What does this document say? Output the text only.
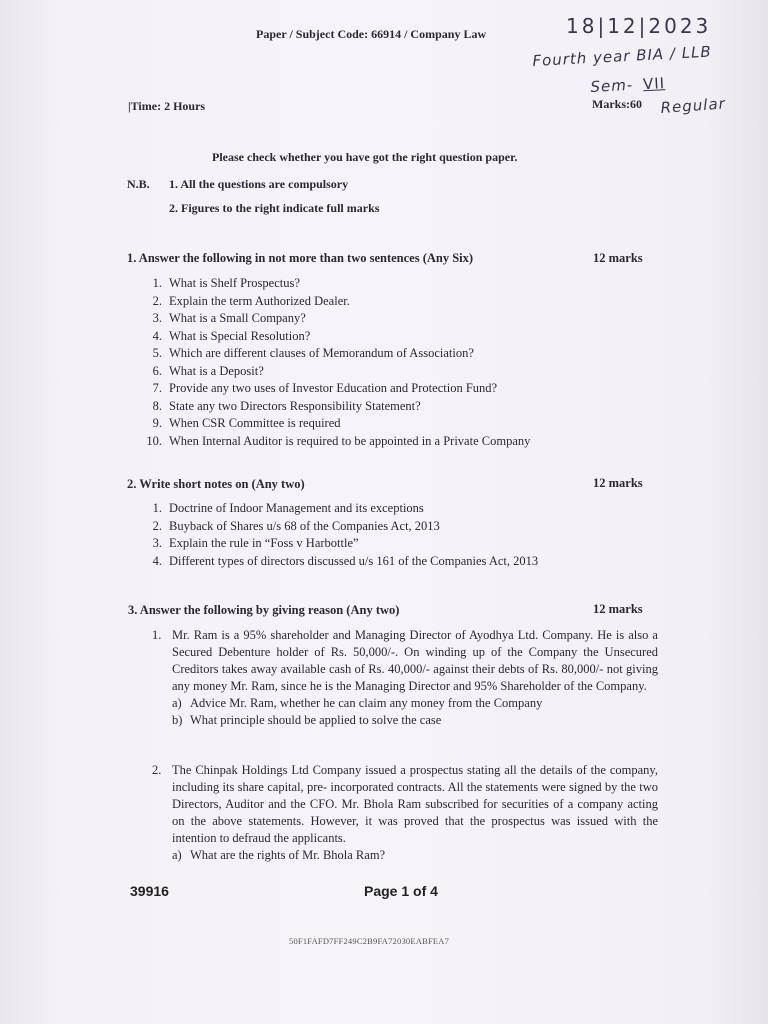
Paper / Subject Code: 66914 / Company Law	18|12|2023
Fourth year BIA / LLB
Sem- VII
|Time: 2 Hours	Marks:60 Regular
Please check whether you have got the right question paper.
N.B. 1. All the questions are compulsory
2. Figures to the right indicate full marks
1. Answer the following in not more than two sentences (Any Six)	12 marks
1. What is Shelf Prospectus?
2. Explain the term Authorized Dealer.
3. What is a Small Company?
4. What is Special Resolution?
5. Which are different clauses of Memorandum of Association?
6. What is a Deposit?
7. Provide any two uses of Investor Education and Protection Fund?
8. State any two Directors Responsibility Statement?
9. When CSR Committee is required
10. When Internal Auditor is required to be appointed in a Private Company
2. Write short notes on (Any two)	12 marks
1. Doctrine of Indoor Management and its exceptions
2. Buyback of Shares u/s 68 of the Companies Act, 2013
3. Explain the rule in “Foss v Harbottle”
4. Different types of directors discussed u/s 161 of the Companies Act, 2013
3. Answer the following by giving reason (Any two)	12 marks
1. Mr. Ram is a 95% shareholder and Managing Director of Ayodhya Ltd. Company. He is also a Secured Debenture holder of Rs. 50,000/-. On winding up of the Company the Unsecured Creditors takes away available cash of Rs. 40,000/- against their debts of Rs. 80,000/- not giving any money Mr. Ram, since he is the Managing Director and 95% Shareholder of the Company.
a) Advice Mr. Ram, whether he can claim any money from the Company
b) What principle should be applied to solve the case
2. The Chinpak Holdings Ltd Company issued a prospectus stating all the details of the company, including its share capital, pre- incorporated contracts. All the statements were signed by the two Directors, Auditor and the CFO. Mr. Bhola Ram subscribed for securities of a company acting on the above statements. However, it was proved that the prospectus was issued with the intention to defraud the applicants.
a) What are the rights of Mr. Bhola Ram?
39916	Page 1 of 4
50F1FAFD7FF249C2B9FA72030EABFEA7
